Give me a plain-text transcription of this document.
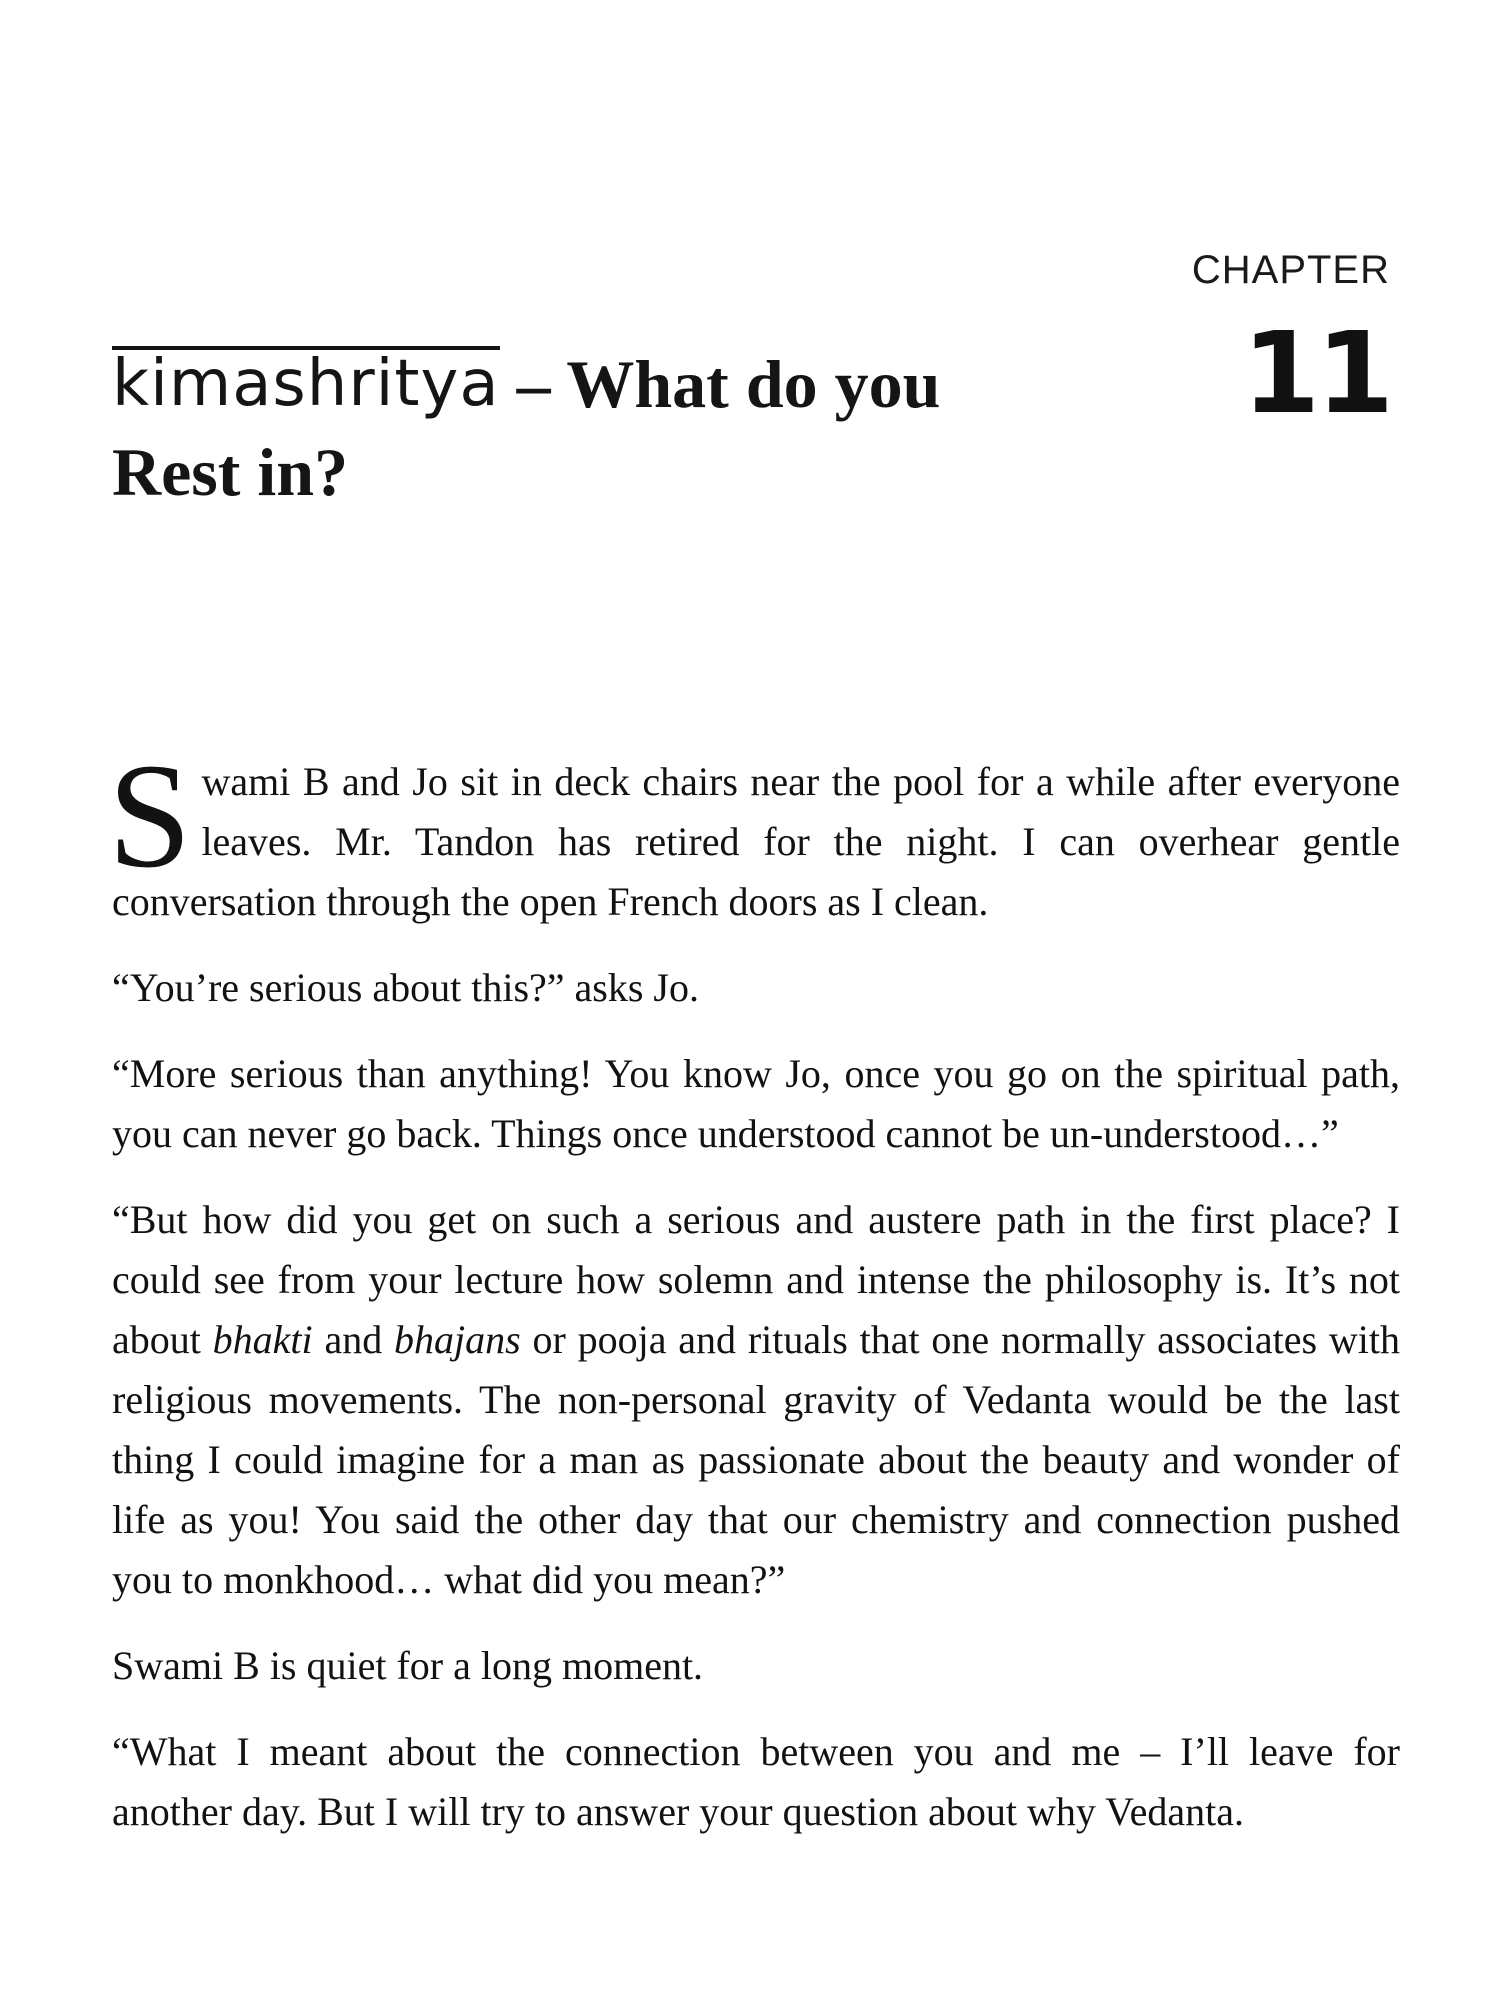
CHAPTER
11
kimashritya – What do you
Rest in?

Swami B and Jo sit in deck chairs near the pool for a while after everyone leaves. Mr. Tandon has retired for the night. I can overhear gentle conversation through the open French doors as I clean.

“You’re serious about this?” asks Jo.

“More serious than anything! You know Jo, once you go on the spiritual path, you can never go back. Things once understood cannot be un-understood…”

“But how did you get on such a serious and austere path in the first place? I could see from your lecture how solemn and intense the philosophy is. It’s not about bhakti and bhajans or pooja and rituals that one normally associates with religious movements. The non-personal gravity of Vedanta would be the last thing I could imagine for a man as passionate about the beauty and wonder of life as you! You said the other day that our chemistry and connection pushed you to monkhood… what did you mean?”

Swami B is quiet for a long moment.

“What I meant about the connection between you and me – I’ll leave for another day. But I will try to answer your question about why Vedanta.
